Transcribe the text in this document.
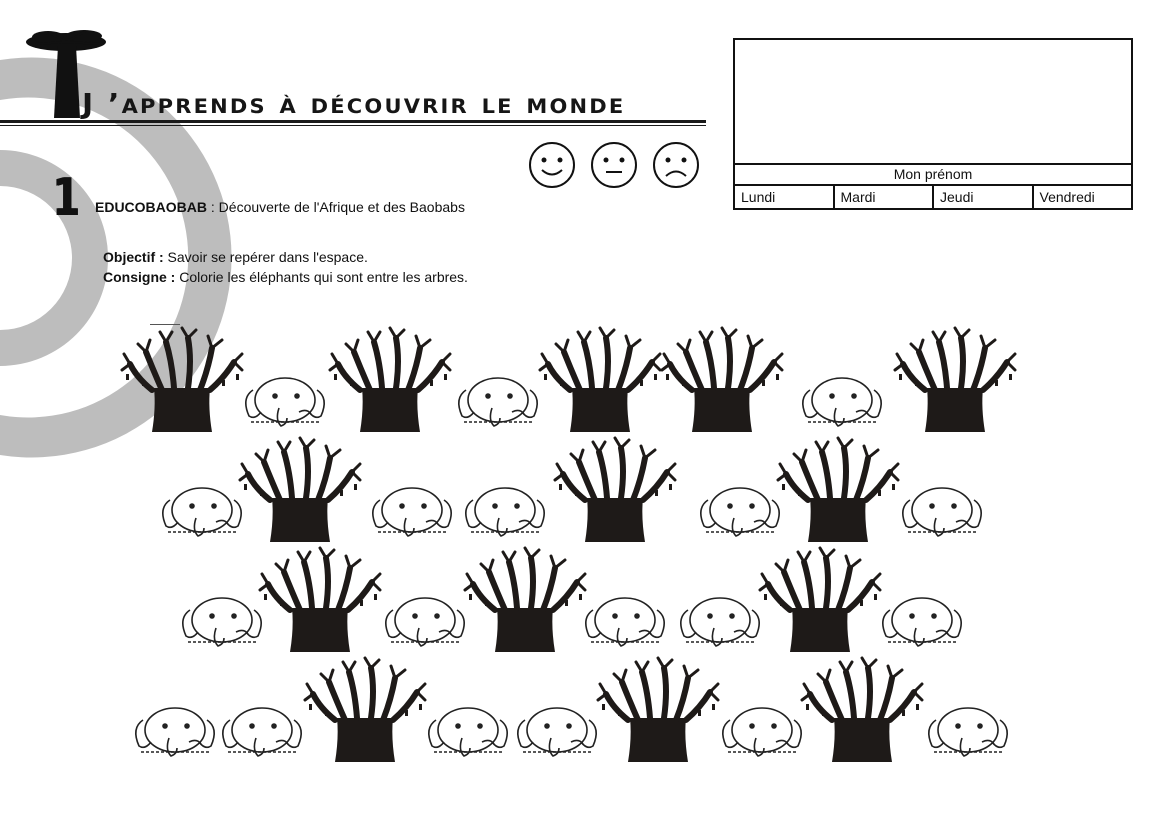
J ’apprends à découvrir le monde
Mon prénom
Lundi	Mardi	Jeudi	Vendredi
1 EDUCOBAOBAB : Découverte de l'Afrique et des Baobabs
Objectif : Savoir se repérer dans l'espace.
Consigne : Colorie les éléphants qui sont entre les arbres.
